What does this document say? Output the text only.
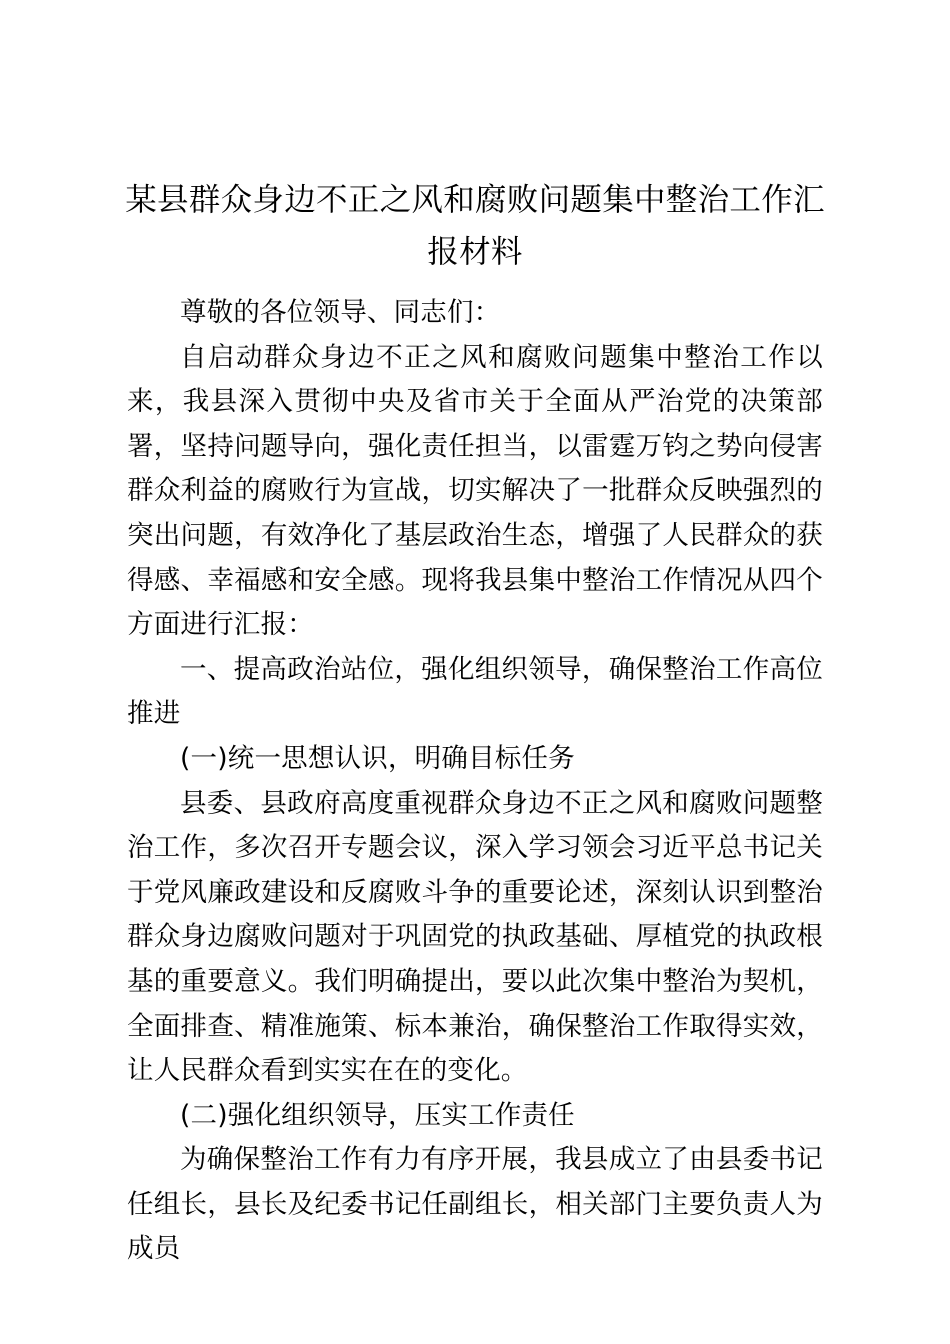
某县群众身边不正之风和腐败问题集中整治工作汇报材料

尊敬的各位领导、同志们：

自启动群众身边不正之风和腐败问题集中整治工作以来，我县深入贯彻中央及省市关于全面从严治党的决策部署，坚持问题导向，强化责任担当，以雷霆万钧之势向侵害群众利益的腐败行为宣战，切实解决了一批群众反映强烈的突出问题，有效净化了基层政治生态，增强了人民群众的获得感、幸福感和安全感。现将我县集中整治工作情况从四个方面进行汇报：

一、提高政治站位，强化组织领导，确保整治工作高位推进

(一)统一思想认识，明确目标任务

县委、县政府高度重视群众身边不正之风和腐败问题整治工作，多次召开专题会议，深入学习领会习近平总书记关于党风廉政建设和反腐败斗争的重要论述，深刻认识到整治群众身边腐败问题对于巩固党的执政基础、厚植党的执政根基的重要意义。我们明确提出，要以此次集中整治为契机，全面排查、精准施策、标本兼治，确保整治工作取得实效，让人民群众看到实实在在的变化。

(二)强化组织领导，压实工作责任

为确保整治工作有力有序开展，我县成立了由县委书记任组长，县长及纪委书记任副组长，相关部门主要负责人为成员
